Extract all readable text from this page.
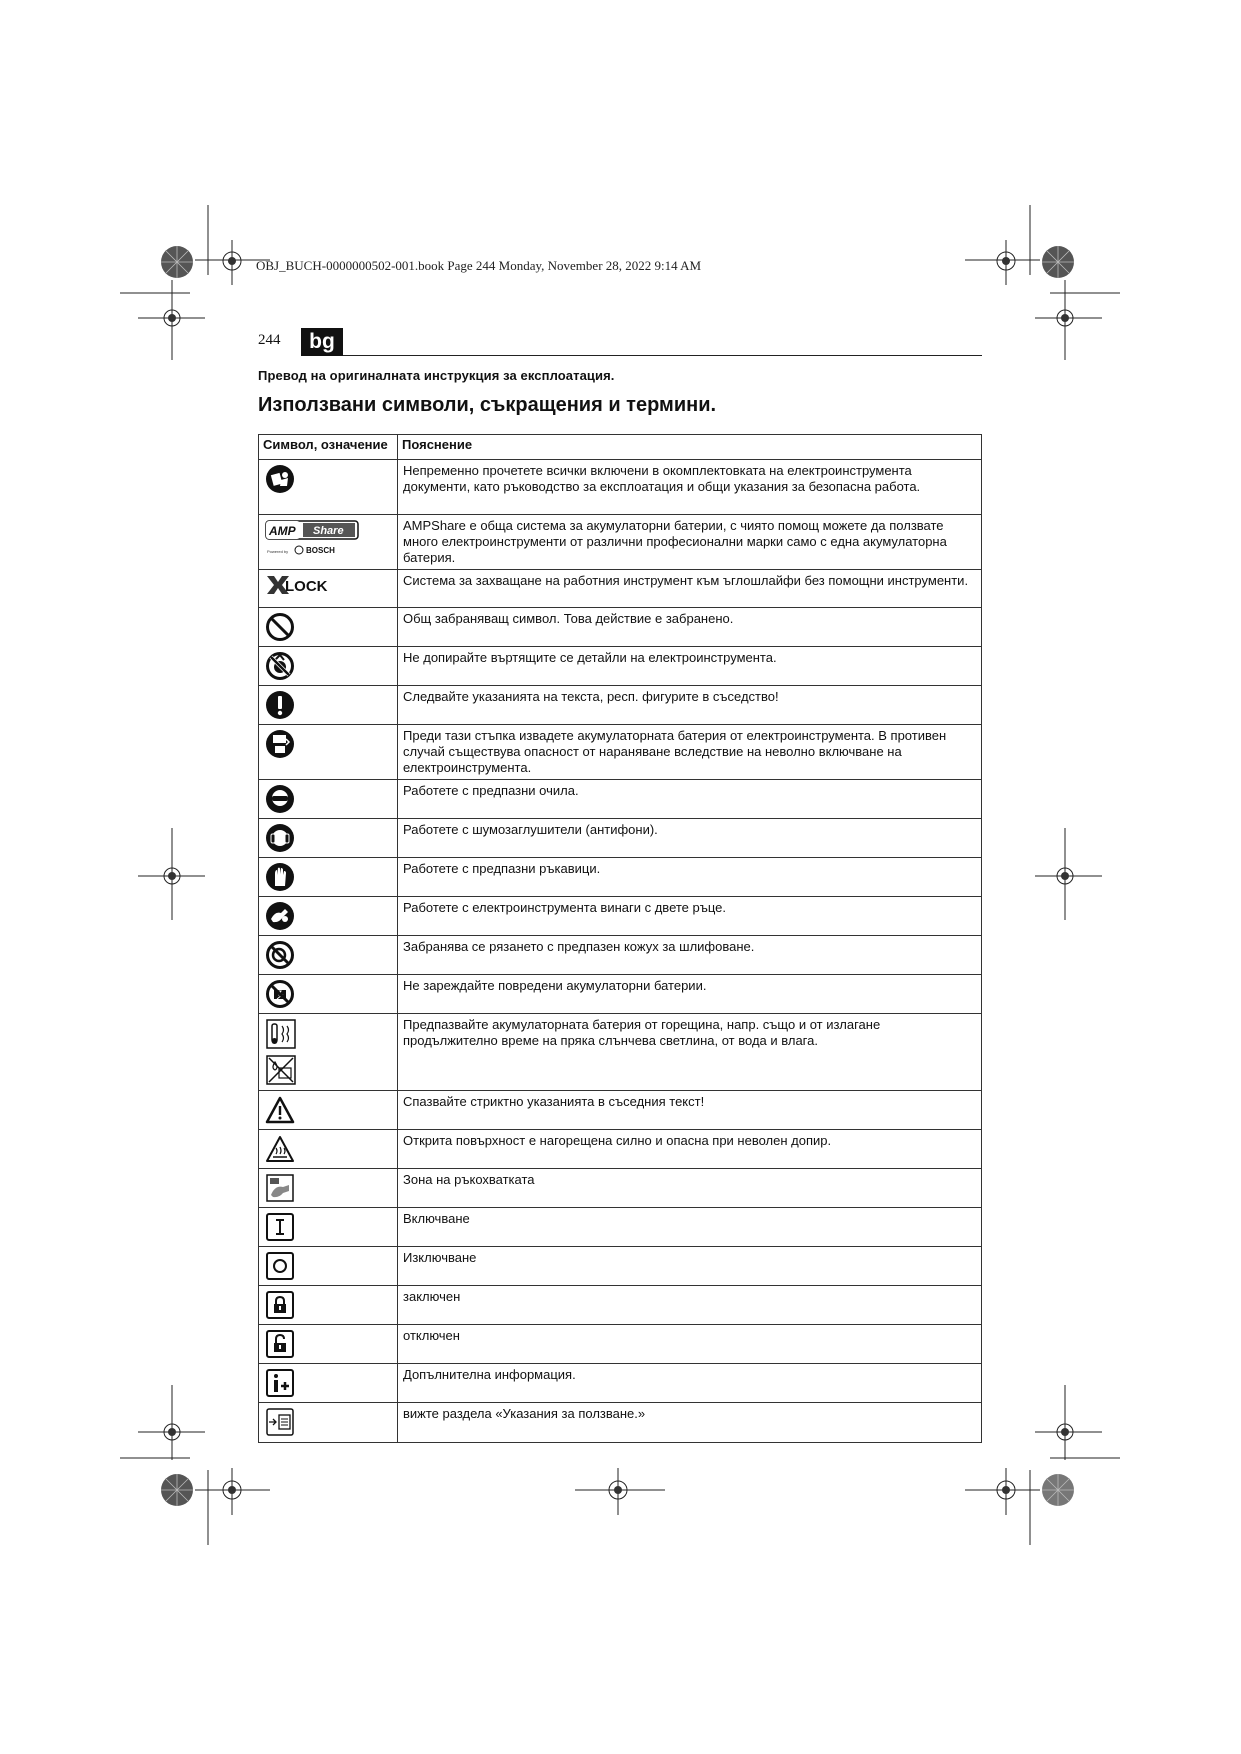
OBJ_BUCH-0000000502-001.book Page 244 Monday, November 28, 2022 9:14 AM
244	bg
Превод на оригиналната инструкция за експлоатация.
Използвани символи, съкращения и термини.
Символ, означение	Пояснение

	Непременно прочетете всички включени в окомплектовката на електроинструмента документи, като ръководство за експлоатация и общи указания за безопасна работа.

AMP Share
Powered by BOSCH	AMPShare е обща система за акумулаторни батерии, с чиято помощ можете да ползвате много електроинструменти от различни професионални марки само с една акумулаторна батерия.

LOCK	Система за захващане на работния инструмент към ъглошлайфи без помощни инструменти.

	Общ забраняващ символ. Това действие е забранено.

	Не допирайте въртящите се детайли на електроинструмента.

	Следвайте указанията на текста, респ. фигурите в съседство!

	Преди тази стъпка извадете акумулаторната батерия от електроинструмента. В противен случай съществува опасност от нараняване вследствие на неволно включване на електроинструмента.

	Работете с предпазни очила.

	Работете с шумозаглушители (антифони).

	Работете с предпазни ръкавици.

	Работете с електроинструмента винаги с двете ръце.

	Забранява се рязането с предпазен кожух за шлифоване.

	Не зареждайте повредени акумулаторни батерии.

	Предпазвайте акумулаторната батерия от горещина, напр. също и от излагане продължително време на пряка слънчева светлина, от вода и влага.

	Спазвайте стриктно указанията в съседния текст!

	Открита повърхност е нагорещена силно и опасна при неволен допир.

	Зона на ръкохватката

	Включване

	Изключване

	заключен

	отключен

	Допълнителна информация.

	вижте раздела «Указания за ползване.»
